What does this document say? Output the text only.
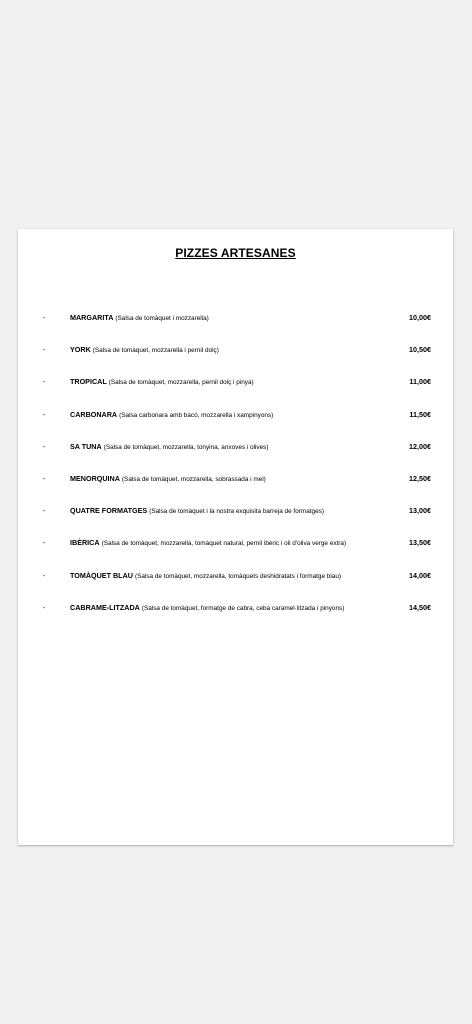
PIZZES ARTESANES
-	MARGARITA (Salsa de tomàquet i mozzarella)	10,00€
-	YORK (Salsa de tomàquet, mozzarella i pernil dolç)	10,50€
-	TROPICAL (Salsa de tomàquet, mozzarella, pernil dolç i pinya)	11,00€
-	CARBONARA (Salsa carbonara amb bacó, mozzarella i xampinyons)	11,50€
-	SA TUNA (Salsa de tomàquet, mozzarella, tonyina, anxoves i olives)	12,00€
-	MENORQUINA (Salsa de tomàquet, mozzarella, sobrassada i mel)	12,50€
-	QUATRE FORMATGES (Salsa de tomàquet i la nostra exquisita barreja de formatges)	13,00€
-	IBÈRICA (Salsa de tomàquet, mozzarella, tomàquet natural, pernil ibèric i oli d'oliva verge extra)	13,50€
-	TOMÀQUET BLAU (Salsa de tomàquet, mozzarella, tomàquets deshidratats i formatge blau)	14,00€
-	CABRAME-LITZADA (Salsa de tomàquet, formatge de cabra, ceba caramel·litzada i pinyons)	14,50€
